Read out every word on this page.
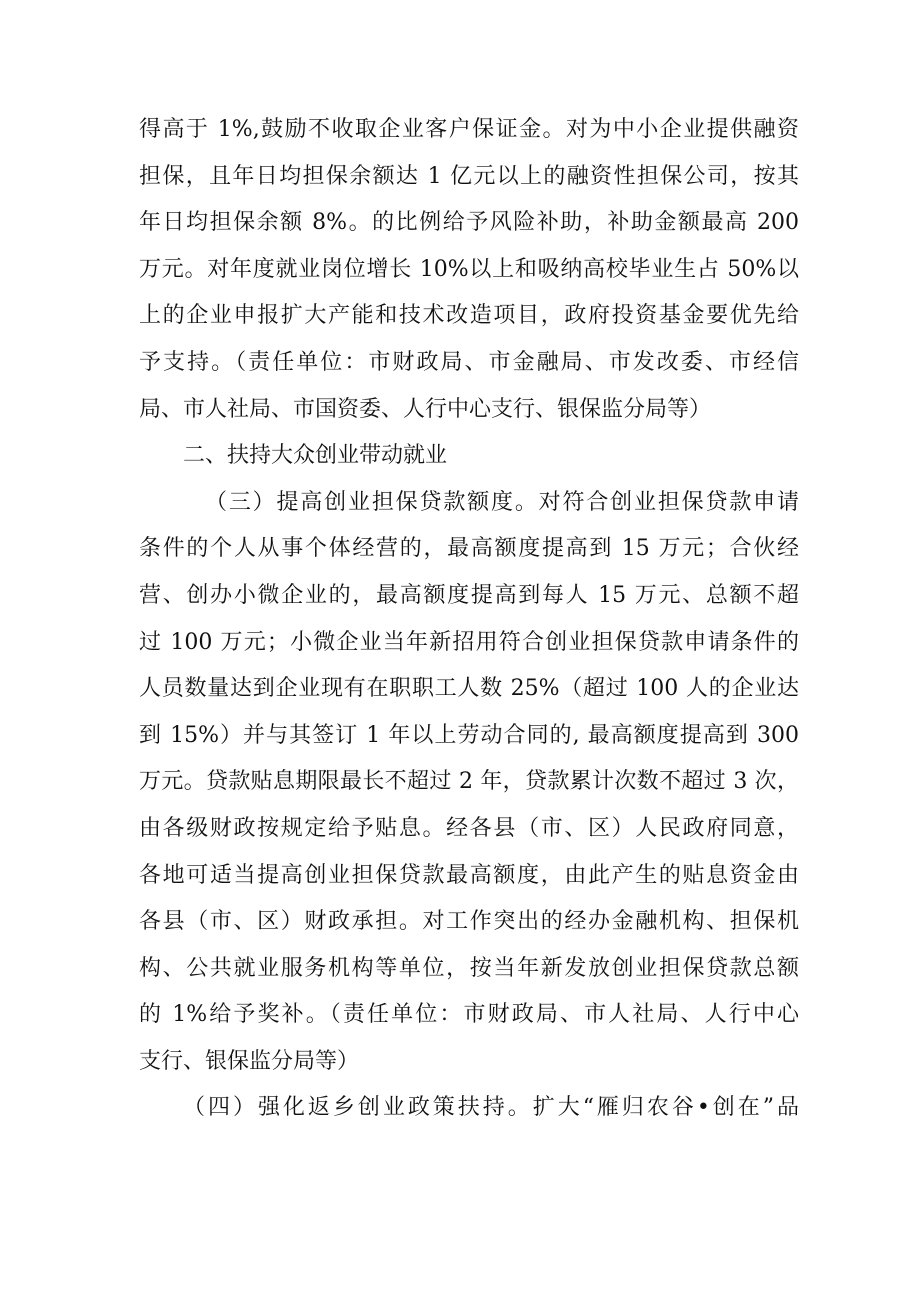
得高于 1%,鼓励不收取企业客户保证金。对为中小企业提供融资
担保，且年日均担保余额达 1 亿元以上的融资性担保公司，按其
年日均担保余额 8%。的比例给予风险补助，补助金额最高 200
万元。对年度就业岗位增长 10%以上和吸纳高校毕业生占 50%以
上的企业申报扩大产能和技术改造项目，政府投资基金要优先给
予支持。（责任单位：市财政局、市金融局、市发改委、市经信
局、市人社局、市国资委、人行中心支行、银保监分局等）
二、扶持大众创业带动就业
（三）提高创业担保贷款额度。对符合创业担保贷款申请
条件的个人从事个体经营的，最高额度提高到 15 万元；合伙经
营、创办小微企业的，最高额度提高到每人 15 万元、总额不超
过 100 万元；小微企业当年新招用符合创业担保贷款申请条件的
人员数量达到企业现有在职职工人数 25%（超过 100 人的企业达
到 15%）并与其签订 1 年以上劳动合同的, 最高额度提高到 300
万元。贷款贴息期限最长不超过 2 年，贷款累计次数不超过 3 次，
由各级财政按规定给予贴息。经各县（市、区）人民政府同意，
各地可适当提高创业担保贷款最高额度，由此产生的贴息资金由
各县（市、区）财政承担。对工作突出的经办金融机构、担保机
构、公共就业服务机构等单位，按当年新发放创业担保贷款总额
的 1%给予奖补。（责任单位：市财政局、市人社局、人行中心
支行、银保监分局等）
（四）强化返乡创业政策扶持。扩大“雁归农谷•创在”品
